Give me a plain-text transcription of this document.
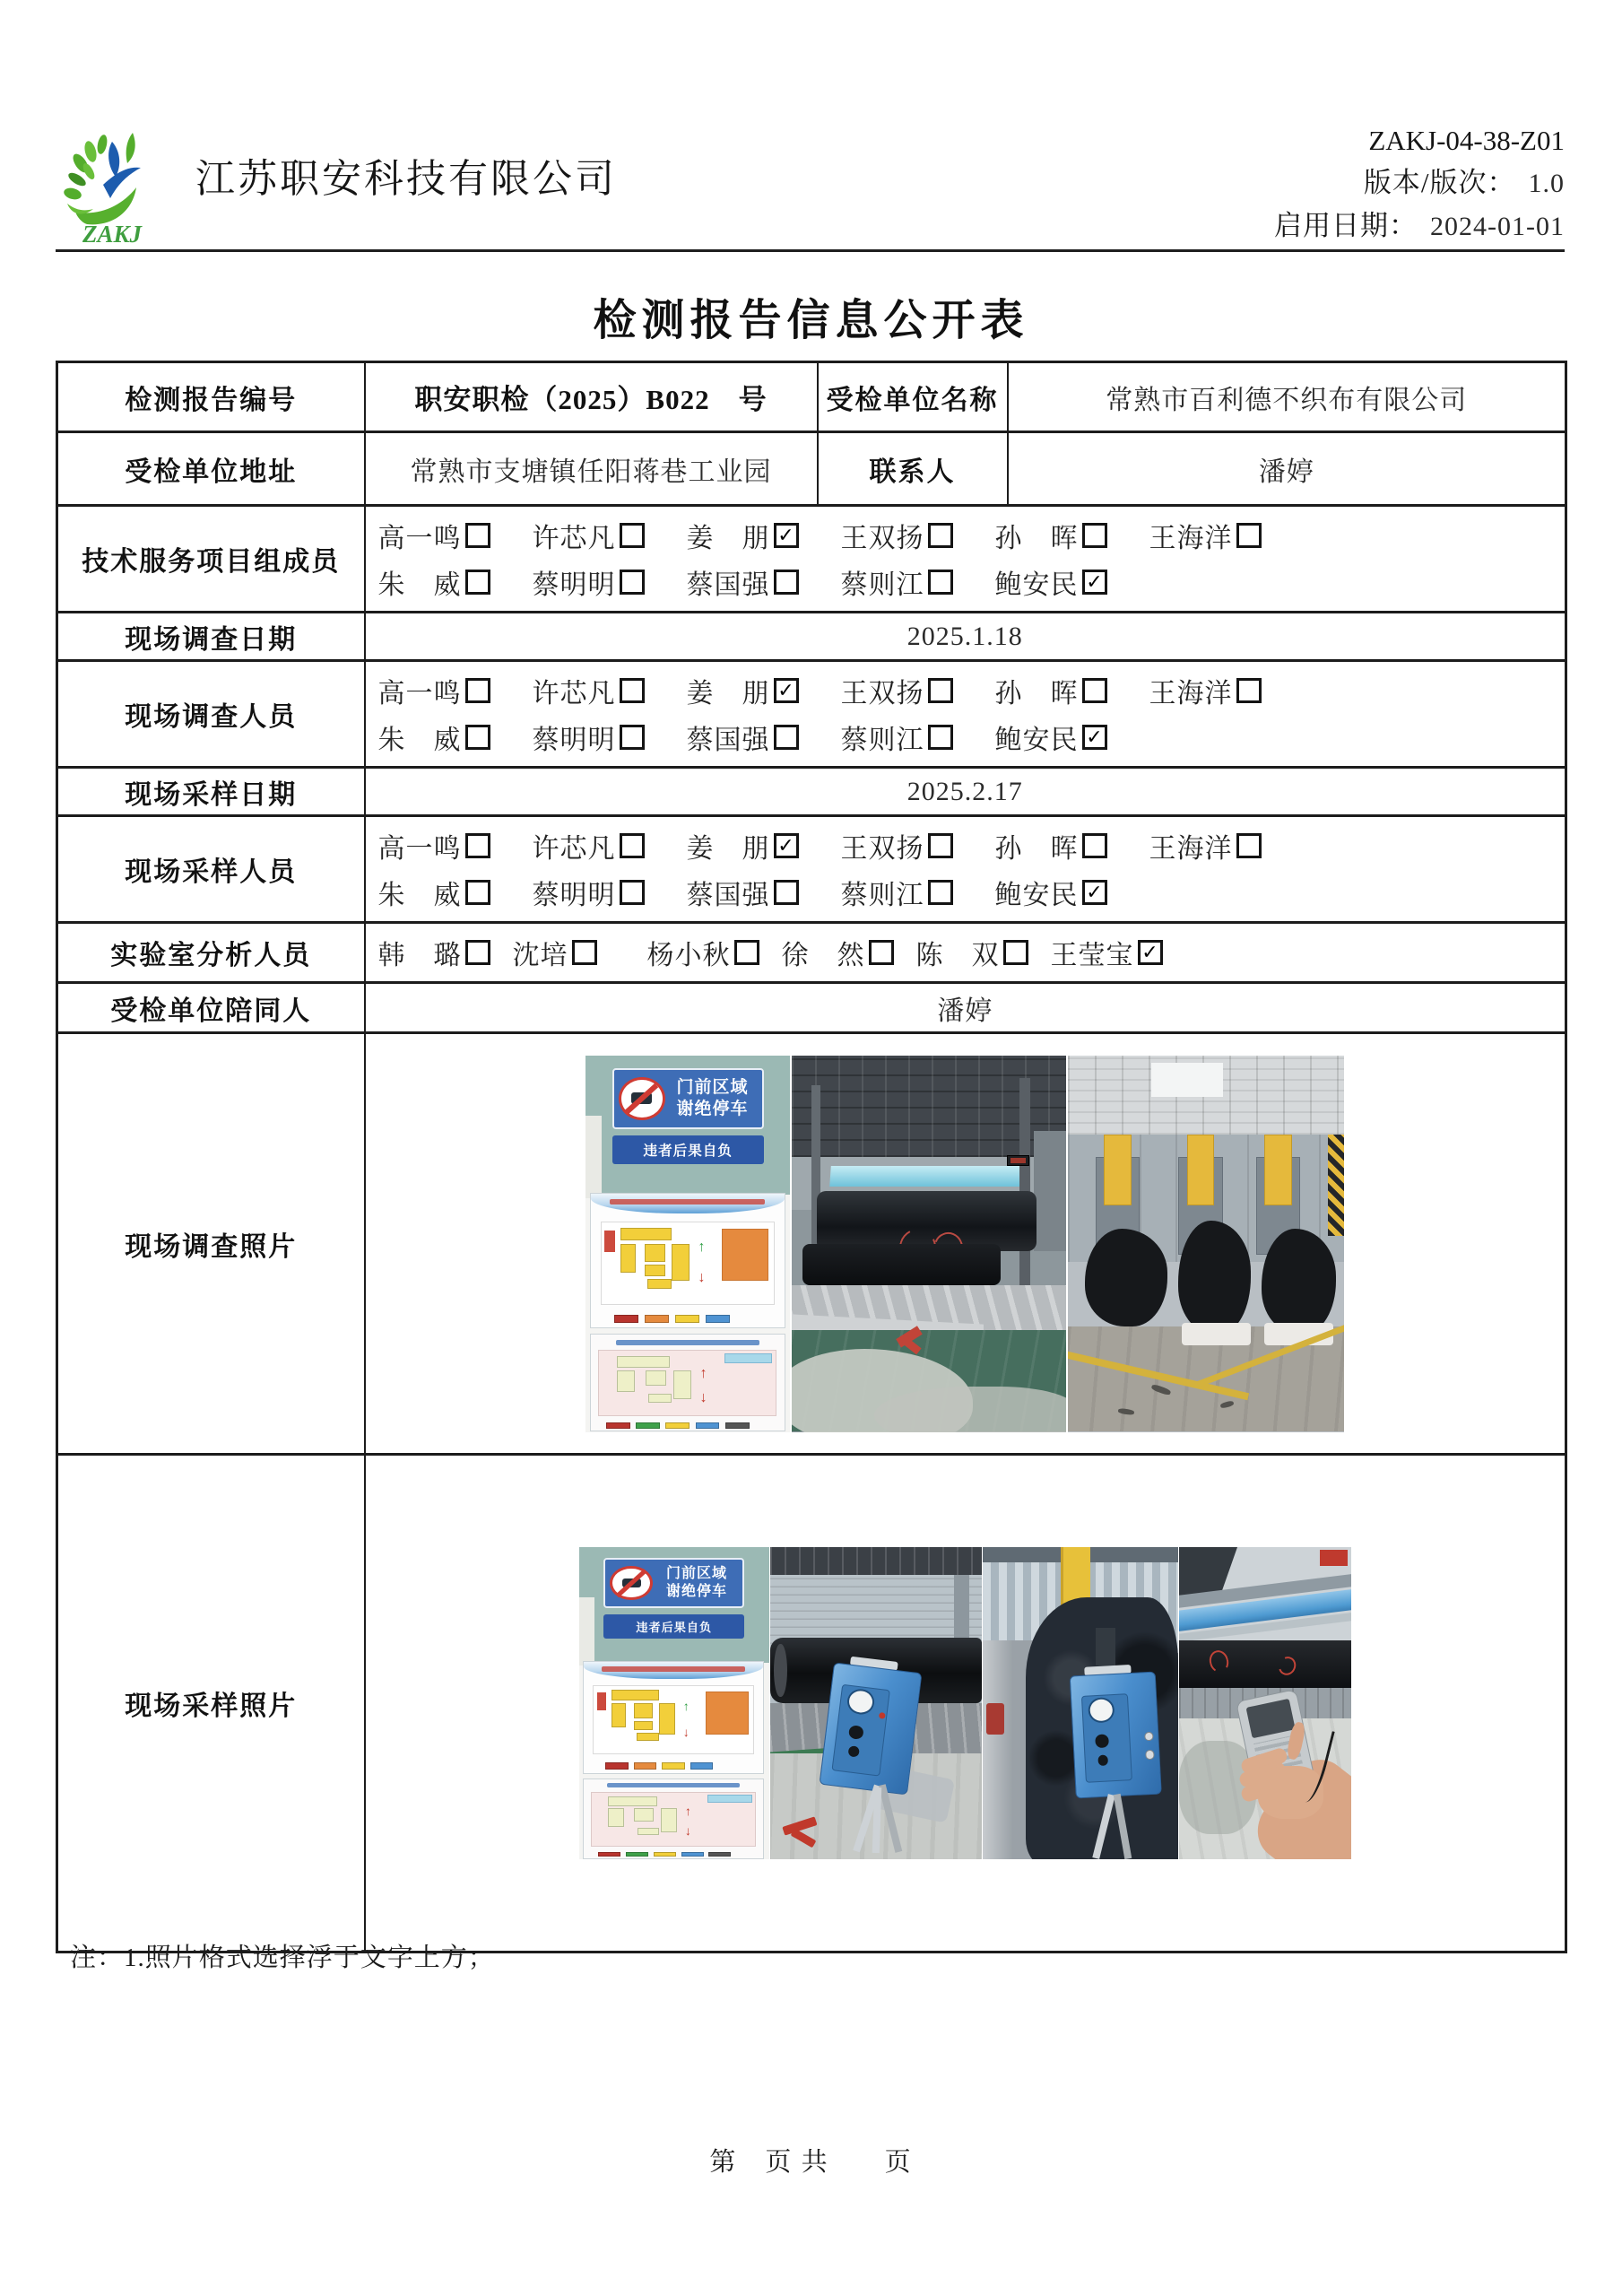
ZAKJ
江苏职安科技有限公司
ZAKJ-04-38-Z01
版本/版次： 1.0
启用日期： 2024-01-01
检测报告信息公开表
检测报告编号	职安职检（2025）B022　号	受检单位名称	常熟市百利德不织布有限公司
受检单位地址	常熟市支塘镇任阳蒋巷工业园	联系人	潘婷
技术服务项目组成员	
高一鸣	许芯凡	姜　朋 ✓ 王双扬	孙　晖	王海洋
朱　威	蔡明明	蔡国强	蔡则江	鲍安民 ✓

现场调查日期	2025.1.18		
现场调查人员	
高一鸣	许芯凡	姜　朋 ✓ 王双扬	孙　晖	王海洋
朱　威	蔡明明	蔡国强	蔡则江	鲍安民 ✓

现场采样日期	2025.2.17		
现场采样人员	
高一鸣	许芯凡	姜　朋 ✓ 王双扬	孙　晖	王海洋
朱　威	蔡明明	蔡国强	蔡则江	鲍安民 ✓

实验室分析人员	韩　璐 沈培	杨小秋 徐　然 陈　双 王莹宝 ✓

受检单位陪同人	潘婷		
现场调查照片	
门前区域
谢绝停车
违者后果自负
↑
↓
↑
↓

现场采样照片	
门前区域
谢绝停车
违者后果自负
↑
↓
↑
↓
注：1.照片格式选择浮于文字上方；
第　页 共　　页
